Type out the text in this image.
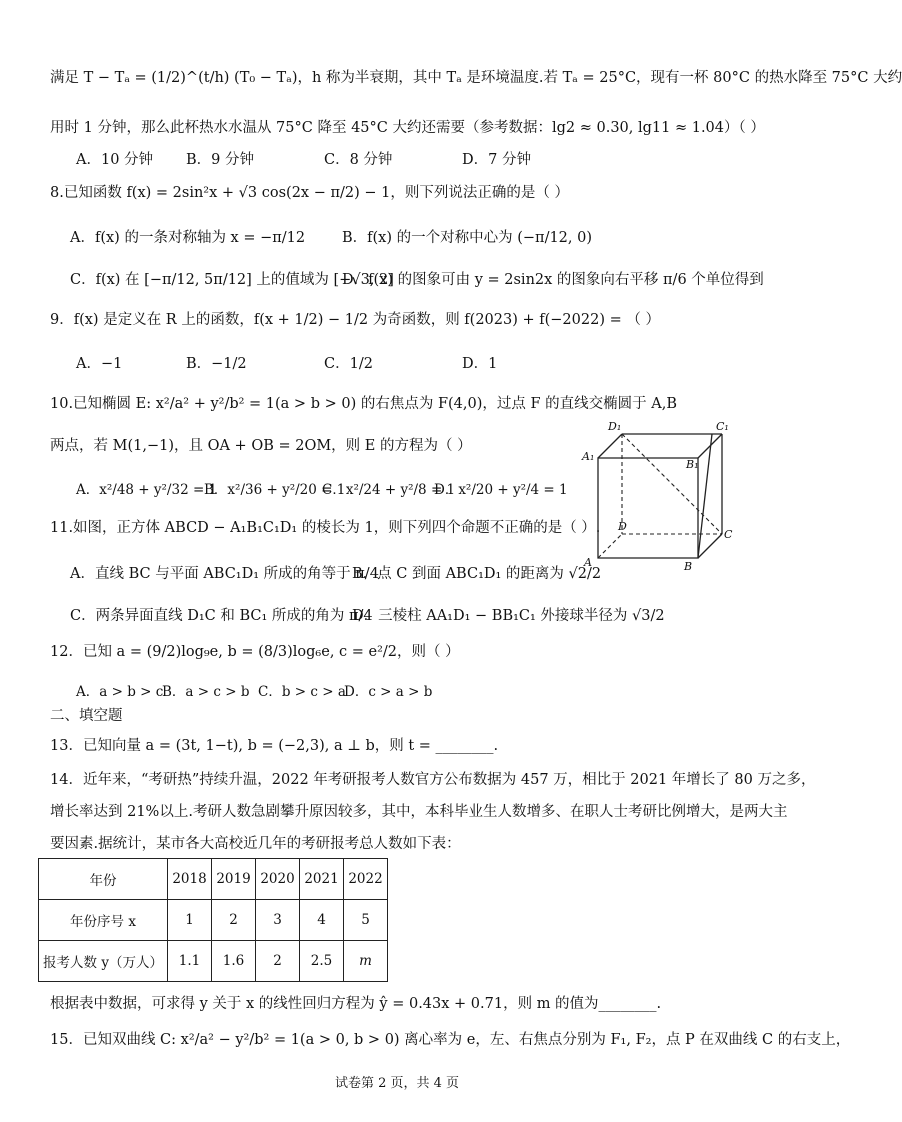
满足 T − Tₐ = (1/2)^(t/h) (T₀ − Tₐ)，h 称为半衰期，其中 Tₐ 是环境温度.若 Tₐ = 25°C，现有一杯 80°C 的热水降至 75°C 大约
用时 1 分钟，那么此杯热水水温从 75°C 降至 45°C 大约还需要（参考数据：lg2 ≈ 0.30, lg11 ≈ 1.04）（ ）
A．10 分钟	B．9 分钟	C．8 分钟	D．7 分钟
8.已知函数 f(x) = 2sin²x + √3 cos(2x − π/2) − 1，则下列说法正确的是（ ）
A．f(x) 的一条对称轴为 x = −π/12	B．f(x) 的一个对称中心为 (−π/12, 0)
C．f(x) 在 [−π/12, 5π/12] 上的值域为 [−√3, 2]
D．f(x) 的图象可由 y = 2sin2x 的图象向右平移 π/6 个单位得到
9．f(x) 是定义在 R 上的函数，f(x + 1/2) − 1/2 为奇函数，则 f(2023) + f(−2022) = （ ）
A．−1	B．−1/2	C．1/2	D．1
10.已知椭圆 E: x²/a² + y²/b² = 1(a > b > 0) 的右焦点为 F(4,0)，过点 F 的直线交椭圆于 A,B
两点，若 M(1,−1)，且 OA + OB = 2OM，则 E 的方程为（ ）
A．x²/48 + y²/32 = 1
B．x²/36 + y²/20 = 1
C．x²/24 + y²/8 = 1
D．x²/20 + y²/4 = 1
11.如图，正方体 ABCD − A₁B₁C₁D₁ 的棱长为 1，则下列四个命题不正确的是（ ）.
A．直线 BC 与平面 ABC₁D₁ 所成的角等于 π/4
B．点 C 到面 ABC₁D₁ 的距离为 √2/2
C．两条异面直线 D₁C 和 BC₁ 所成的角为 π/4
D．三棱柱 AA₁D₁ − BB₁C₁ 外接球半径为 √3/2
D₁	C₁
A₁
B₁
D
C
A	B
12．已知 a = (9/2)log₉e, b = (8/3)log₆e, c = e²/2，则（ ）
A．a > b > c
B．a > c > b C．b > c > a
D．c > a > b
二、填空题
13．已知向量 a = (3t, 1−t), b = (−2,3), a ⊥ b，则 t = ________.
14．近年来，“考研热”持续升温，2022 年考研报考人数官方公布数据为 457 万，相比于 2021 年增长了 80 万之多，
增长率达到 21%以上.考研人数急剧攀升原因较多，其中，本科毕业生人数增多、在职人士考研比例增大，是两大主
要因素.据统计，某市各大高校近几年的考研报考总人数如下表：
年份	2018	2019	2020	2021	2022
年份序号 x	1	2	3	4	5
报考人数 y（万人）	1.1	1.6	2	2.5	m
根据表中数据，可求得 y 关于 x 的线性回归方程为 ŷ = 0.43x + 0.71，则 m 的值为________.
15．已知双曲线 C: x²/a² − y²/b² = 1(a > 0, b > 0) 离心率为 e，左、右焦点分别为 F₁, F₂，点 P 在双曲线 C 的右支上，
试卷第 2 页，共 4 页
